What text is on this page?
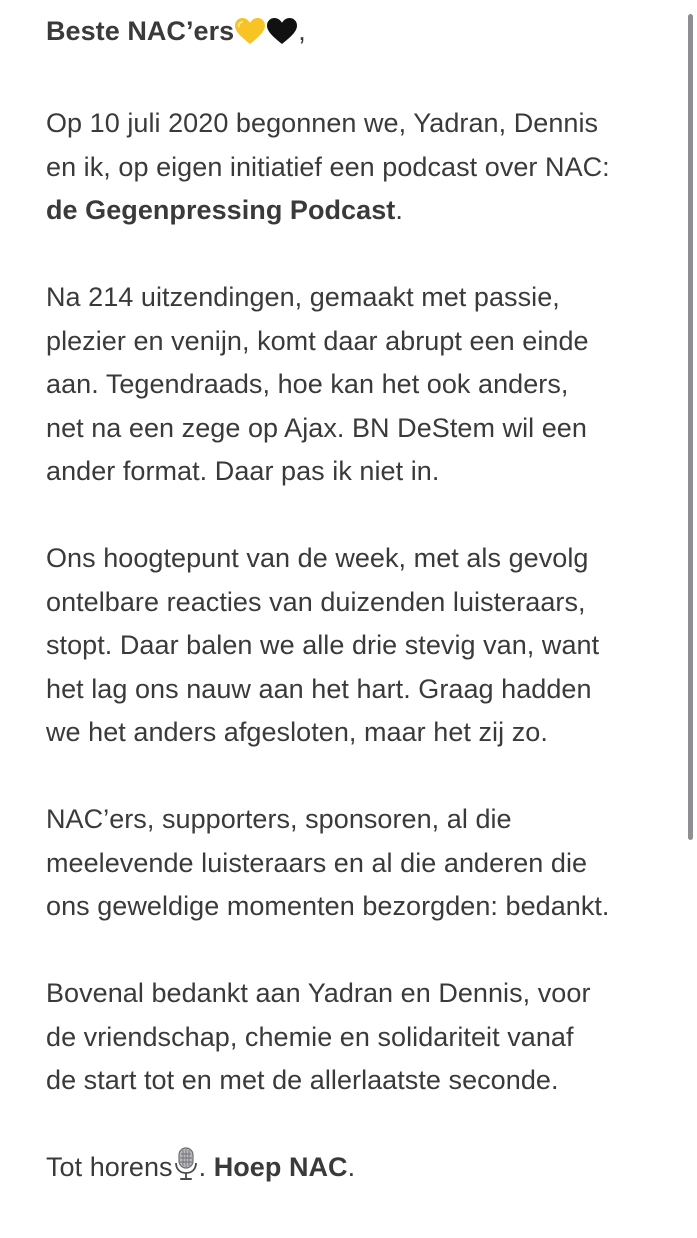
Beste NAC’ers ,
Op 10 juli 2020 begonnen we, Yadran, Dennis
en ik, op eigen initiatief een podcast over NAC:
de Gegenpressing Podcast.
Na 214 uitzendingen, gemaakt met passie,
plezier en venijn, komt daar abrupt een einde
aan. Tegendraads, hoe kan het ook anders,
net na een zege op Ajax. BN DeStem wil een
ander format. Daar pas ik niet in.
Ons hoogtepunt van de week, met als gevolg
ontelbare reacties van duizenden luisteraars,
stopt. Daar balen we alle drie stevig van, want
het lag ons nauw aan het hart. Graag hadden
we het anders afgesloten, maar het zij zo.
NAC’ers, supporters, sponsoren, al die
meelevende luisteraars en al die anderen die
ons geweldige momenten bezorgden: bedankt.
Bovenal bedankt aan Yadran en Dennis, voor
de vriendschap, chemie en solidariteit vanaf
de start tot en met de allerlaatste seconde.
Tot horens . Hoep NAC.
